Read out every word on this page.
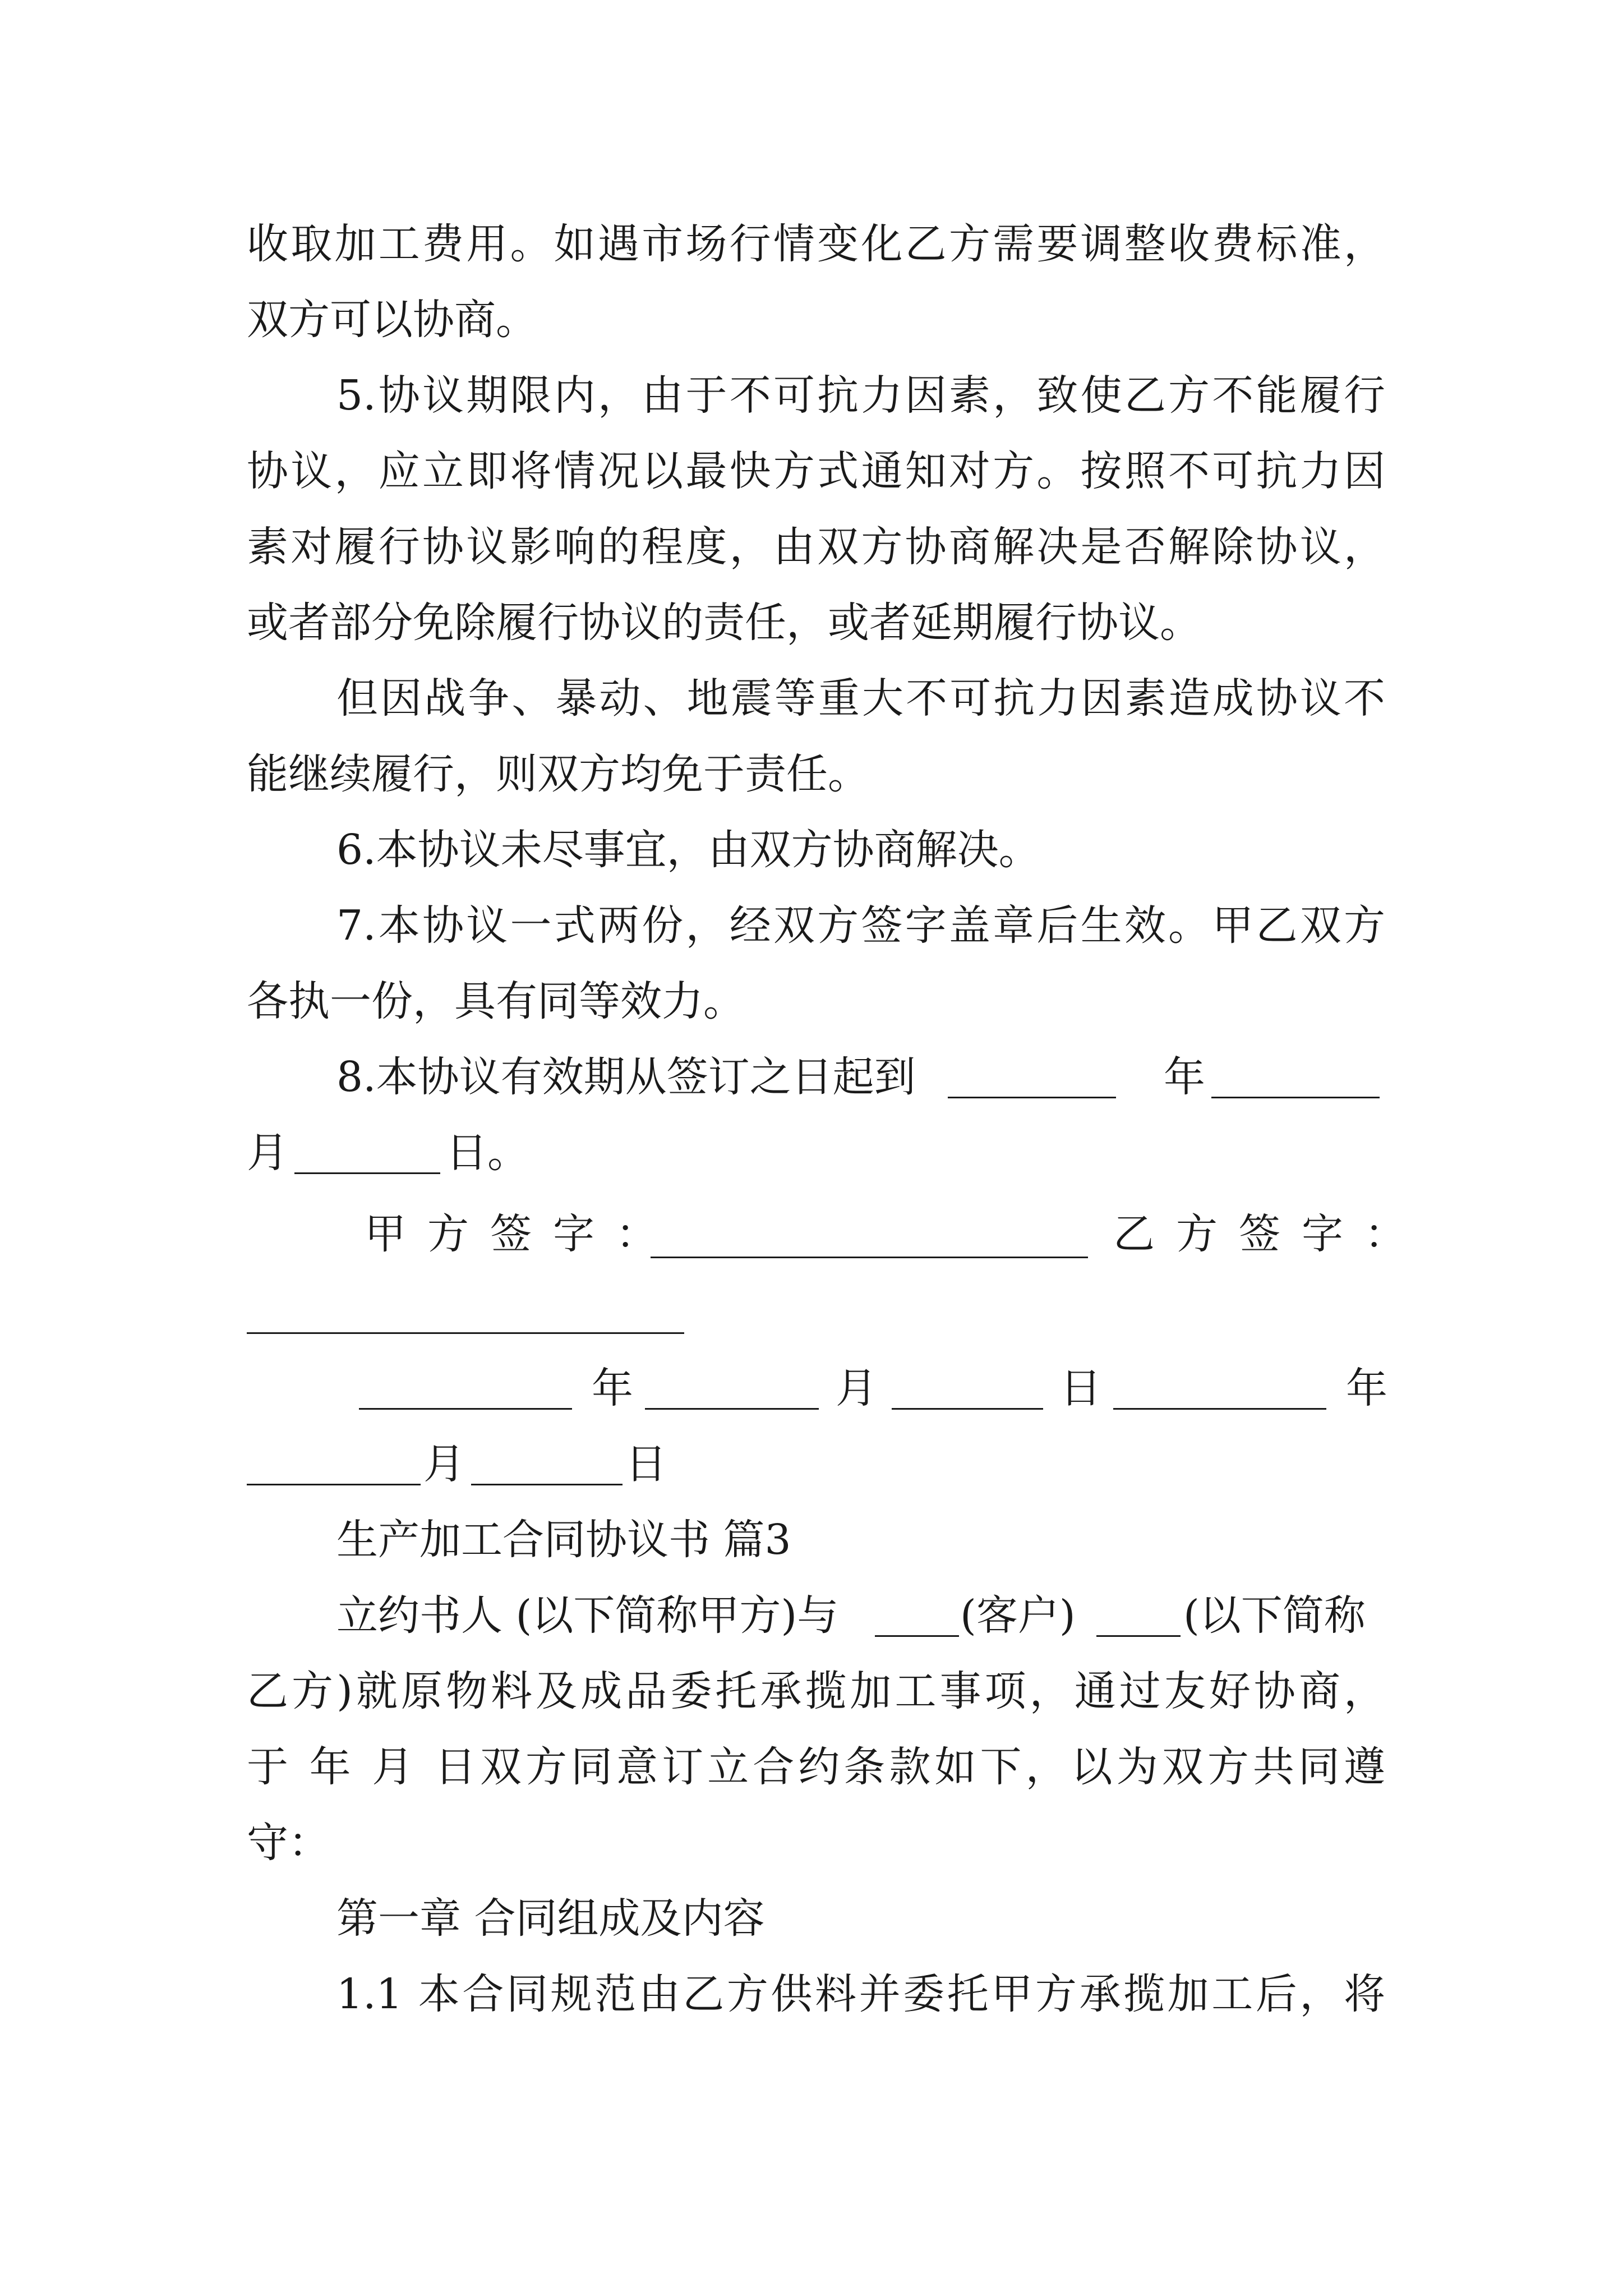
收取加工费用。如遇市场行情变化乙方需要调整收费标准，
双方可以协商。
5.协议期限内，由于不可抗力因素，致使乙方不能履行
协议，应立即将情况以最快方式通知对方。按照不可抗力因
素对履行协议影响的程度，由双方协商解决是否解除协议，
或者部分免除履行协议的责任，或者延期履行协议。
但因战争、暴动、地震等重大不可抗力因素造成协议不
能继续履行，则双方均免于责任。
6.本协议未尽事宜，由双方协商解决。
7.本协议一式两份，经双方签字盖章后生效。甲乙双方
各执一份，具有同等效力。
8.本协议有效期从签订之日起到	年
月	日。
甲方签字：	乙方签字：
年	月	日	年
月	日
生产加工合同协议书 篇3
立约书人 (以下简称甲方)与	(客户)	(以下简称
乙方)就原物料及成品委托承揽加工事项，通过友好协商，
于 年 月 日双方同意订立合约条款如下，以为双方共同遵
守：
第一章 合同组成及内容
1.1 本合同规范由乙方供料并委托甲方承揽加工后，将
